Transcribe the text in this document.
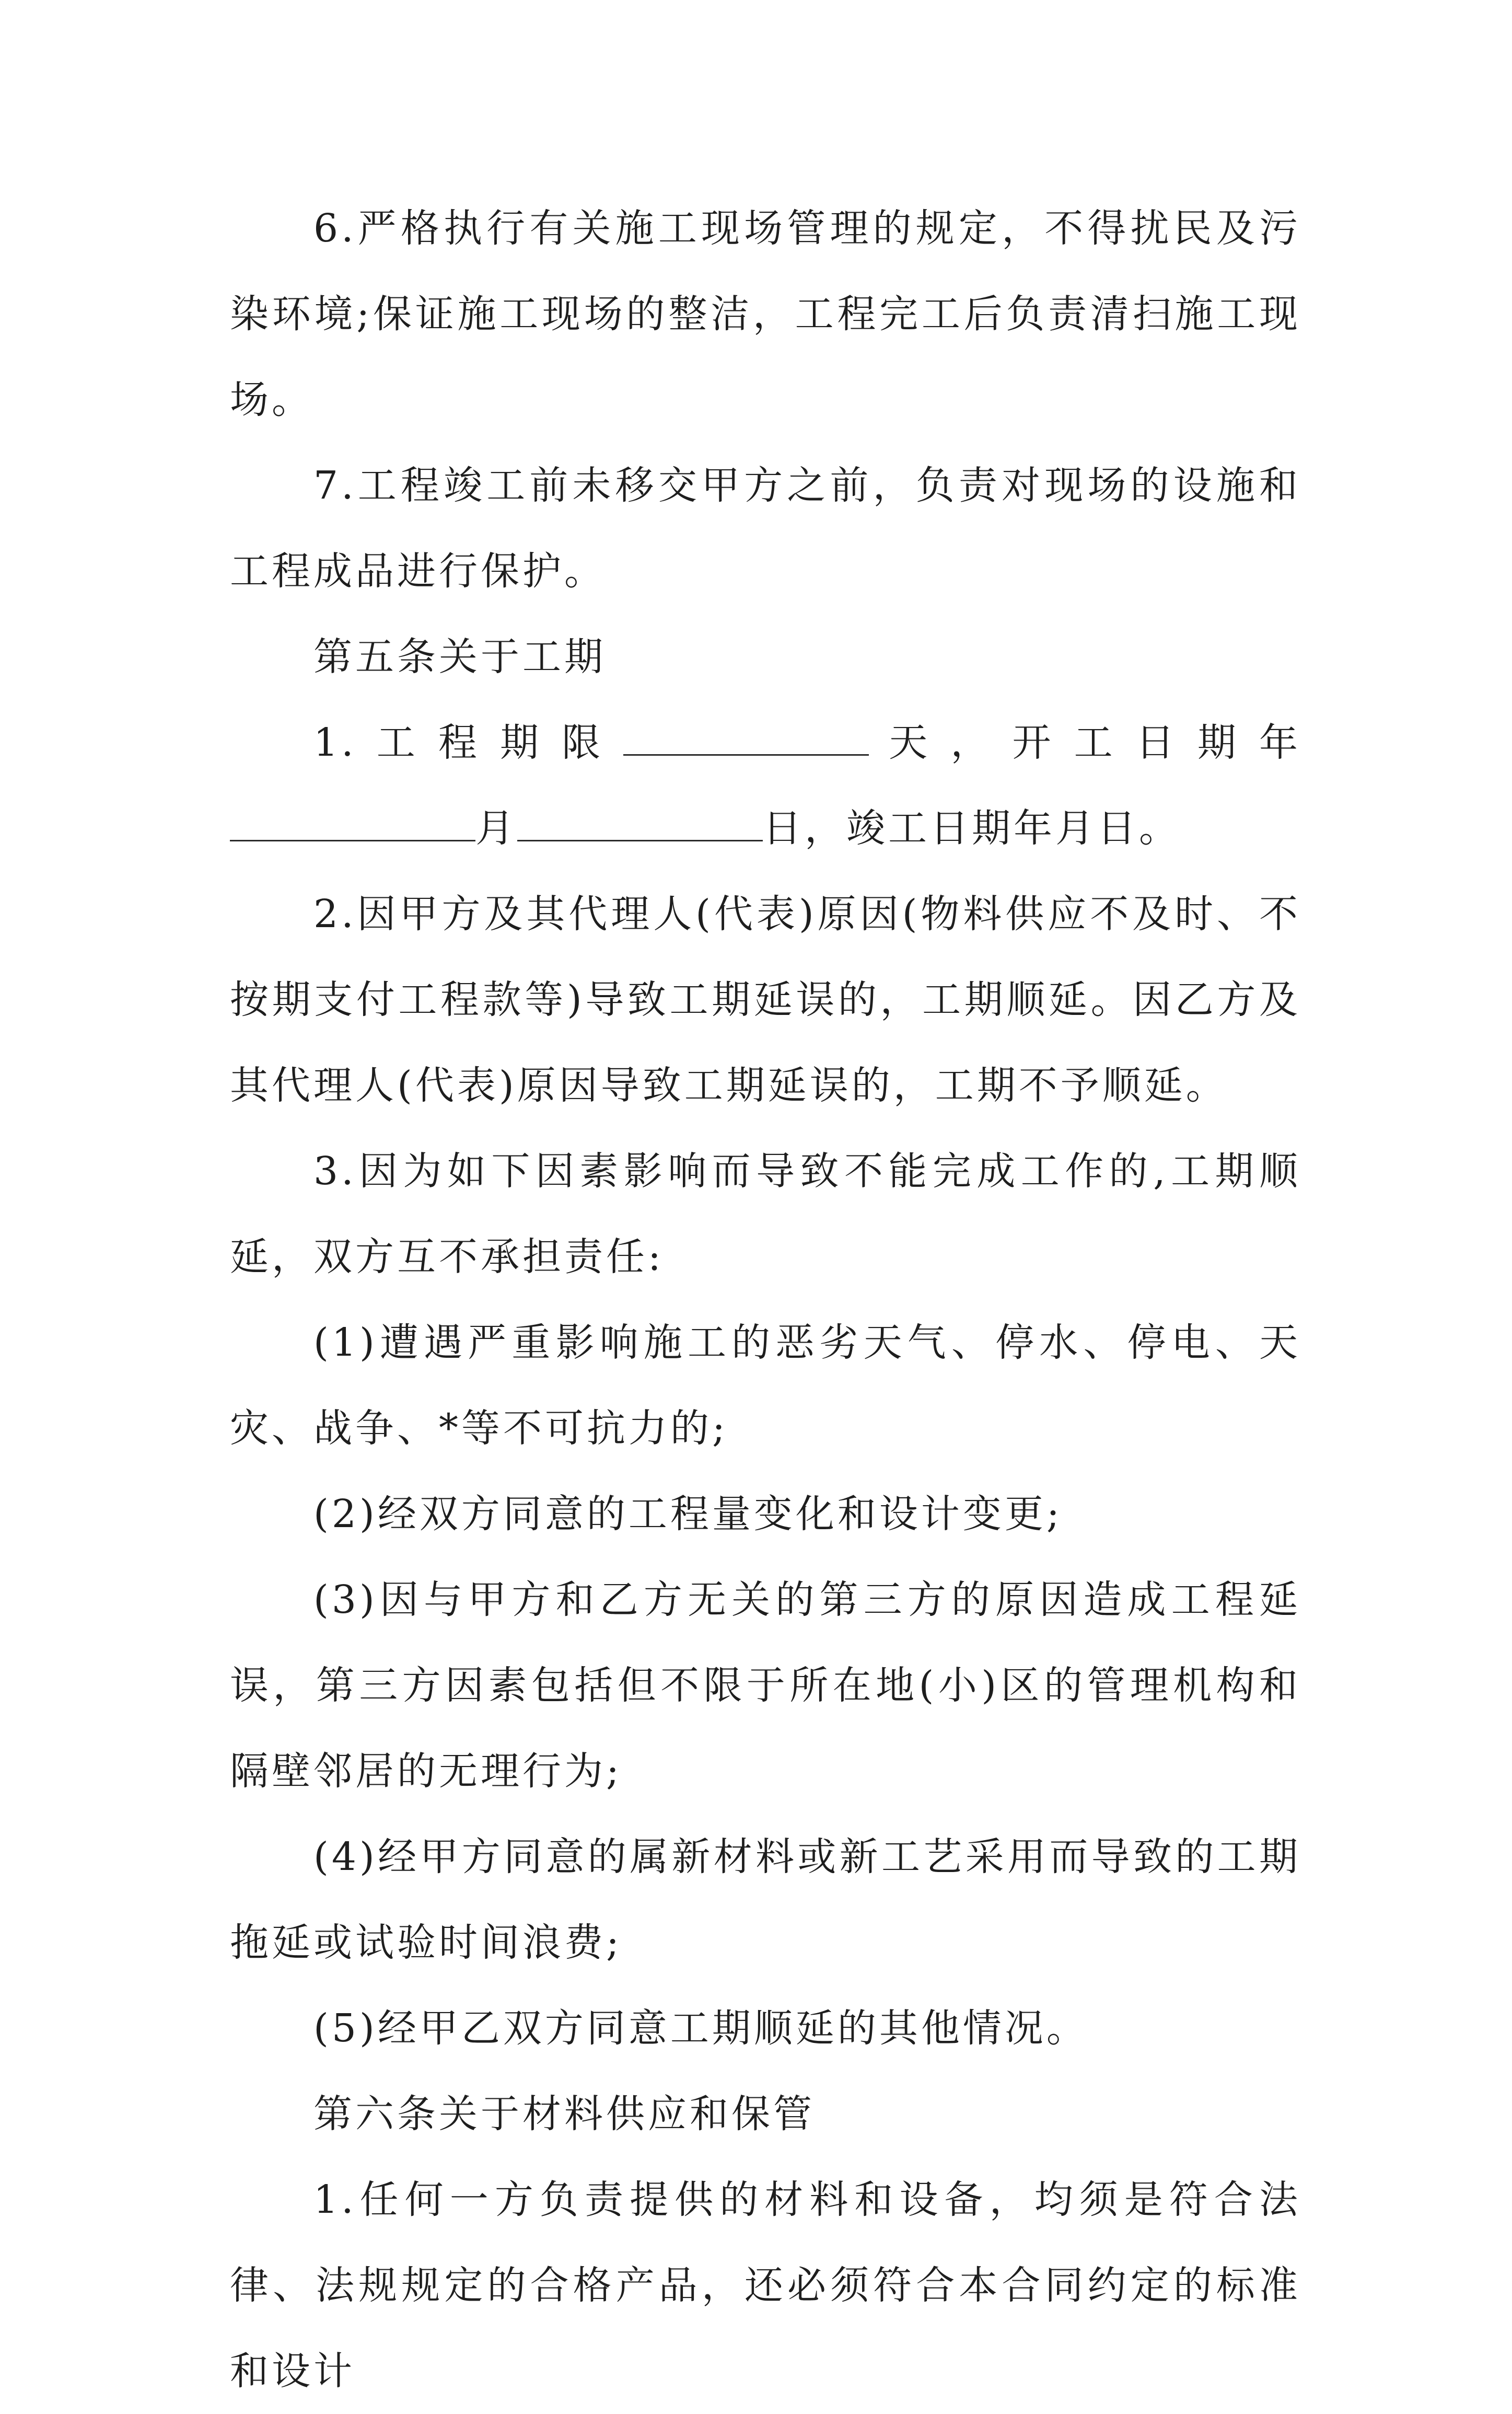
6.严格执行有关施工现场管理的规定，不得扰民及污染环境;保证施工现场的整洁，工程完工后负责清扫施工现场。

7.工程竣工前未移交甲方之前，负责对现场的设施和工程成品进行保护。

第五条关于工期

1.工程期限	天，开工日期年月	日，竣工日期年月日。

2.因甲方及其代理人(代表)原因(物料供应不及时、不按期支付工程款等)导致工期延误的，工期顺延。因乙方及其代理人(代表)原因导致工期延误的，工期不予顺延。

3.因为如下因素影响而导致不能完成工作的,工期顺延，双方互不承担责任:

(1)遭遇严重影响施工的恶劣天气、停水、停电、天灾、战争、*等不可抗力的;

(2)经双方同意的工程量变化和设计变更;

(3)因与甲方和乙方无关的第三方的原因造成工程延误，第三方因素包括但不限于所在地(小)区的管理机构和隔壁邻居的无理行为;

(4)经甲方同意的属新材料或新工艺采用而导致的工期拖延或试验时间浪费;

(5)经甲乙双方同意工期顺延的其他情况。

第六条关于材料供应和保管

1.任何一方负责提供的材料和设备，均须是符合法律、法规规定的合格产品，还必须符合本合同约定的标准和设计
